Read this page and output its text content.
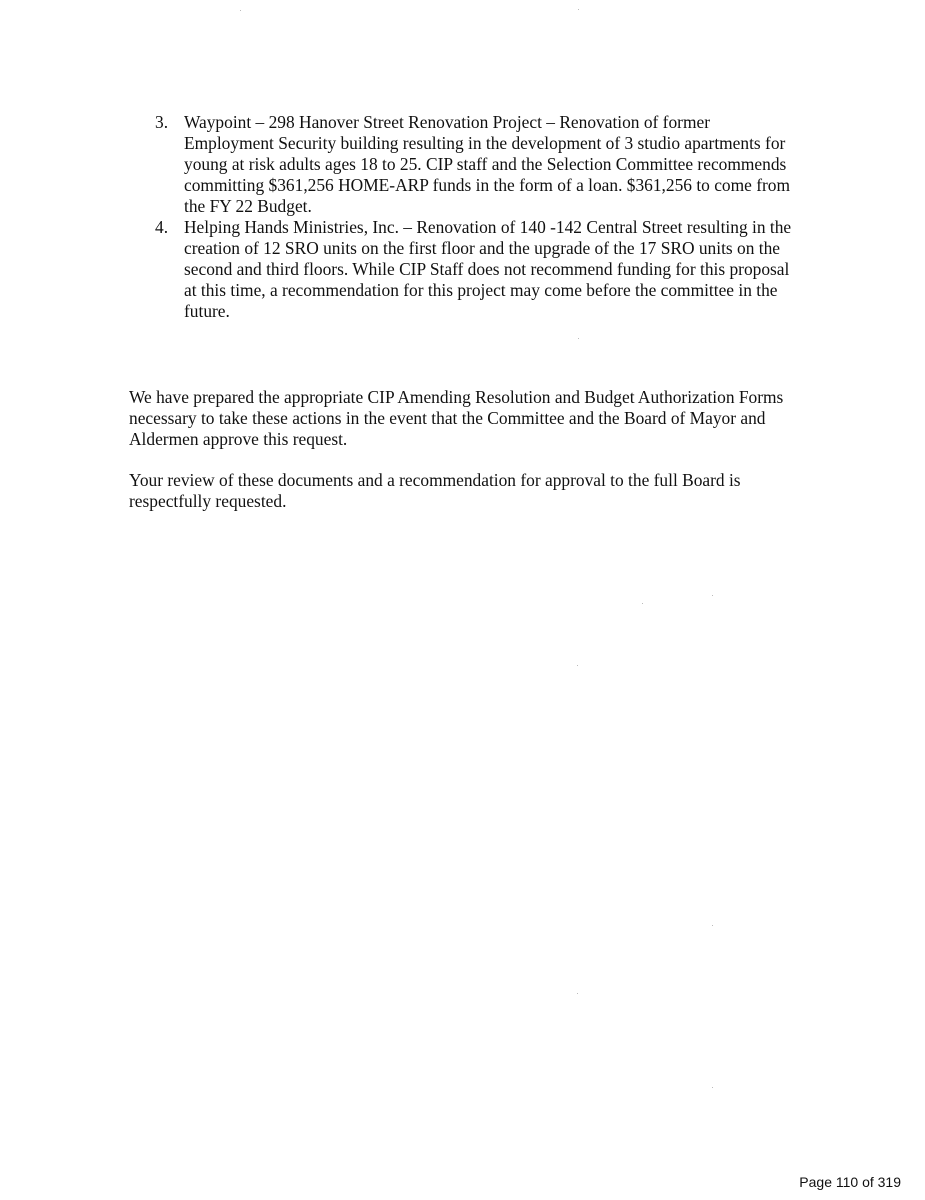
3. Waypoint – 298 Hanover Street Renovation Project – Renovation of former Employment Security building resulting in the development of 3 studio apartments for young at risk adults ages 18 to 25. CIP staff and the Selection Committee recommends committing $361,256 HOME-ARP funds in the form of a loan. $361,256 to come from the FY 22 Budget.
4. Helping Hands Ministries, Inc. – Renovation of 140 -142 Central Street resulting in the creation of 12 SRO units on the first floor and the upgrade of the 17 SRO units on the second and third floors. While CIP Staff does not recommend funding for this proposal at this time, a recommendation for this project may come before the committee in the future.

We have prepared the appropriate CIP Amending Resolution and Budget Authorization Forms necessary to take these actions in the event that the Committee and the Board of Mayor and Aldermen approve this request.

Your review of these documents and a recommendation for approval to the full Board is respectfully requested.

Page 110 of 319
